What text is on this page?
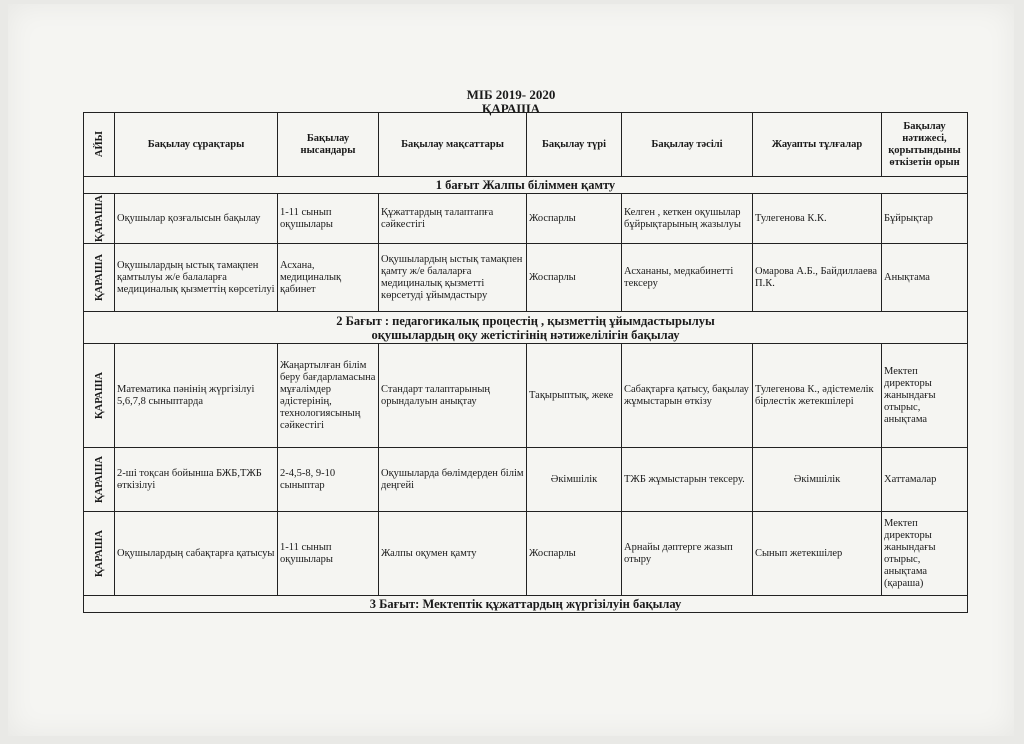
МІБ 2019- 2020
ҚАРАША
АЙЫ	Бақылау сұрақтары	Бақылау нысандары	Бақылау мақсаттары	Бақылау түрі	Бақылау тәсілі	Жауапты тұлғалар	Бақылау нәтижесі, қорытындыны өткізетін орын
1 бағыт Жалпы біліммен қамту							

ҚАРАША	Оқушылар қозғалысын бақылау	1-11 сынып оқушылары	Құжаттардың талаптапға сәйкестігі	Жоспарлы	Келген , кеткен оқушылар бұйрықтарының жазылуы	Тулегенова К.К.	Бұйрықтар

ҚАРАША	Оқушылардың ыстық тамақпен қамтылуы ж/е балаларға медициналық қызметтің көрсетілуі	Асхана, медициналық қабинет	Оқушылардың ыстық тамақпен қамту ж/е балаларға медициналық қызметті көрсетуді ұйымдастыру	Жоспарлы	Асхананы, медкабинетті тексеру	Омарова А.Б., Байдиллаева П.К.	Анықтама
2 Бағыт : педагогикалық процестің , қызметтің ұйымдастырылуы
оқушылардың оқу жетістігінің нәтижелілігін бақылау							

ҚАРАША	Математика пәнінің жүргізілуі 5,6,7,8 сыныптарда	Жаңартылған білім беру бағдарламасына мұғалімдер әдістерінің, технологиясының сәйкестігі	Стандарт талаптарының орындалуын анықтау	Тақырыптық, жеке	Сабақтарға қатысу, бақылау жұмыстарын өткізу	Тулегенова К., әдістемелік бірлестік жетекшілері	Мектеп директоры жанындағы отырыс, анықтама

ҚАРАША	2-ші тоқсан бойынша БЖБ,ТЖБ өткізілуі	2-4,5-8, 9-10 сыныптар	Оқушыларда бөлімдерден білім деңгейі	Әкімшілік	ТЖБ жұмыстарын тексеру.	Әкімшілік	Хаттамалар

ҚАРАША	Оқушылардың сабақтарға қатысуы	1-11 сынып оқушылары	Жалпы оқумен қамту	Жоспарлы	Арнайы дәптерге жазып отыру	Сынып жетекшілер	Мектеп директоры жанындағы отырыс, анықтама (қараша)
3 Бағыт: Мектептік құжаттардың жүргізілуін бақылау							
